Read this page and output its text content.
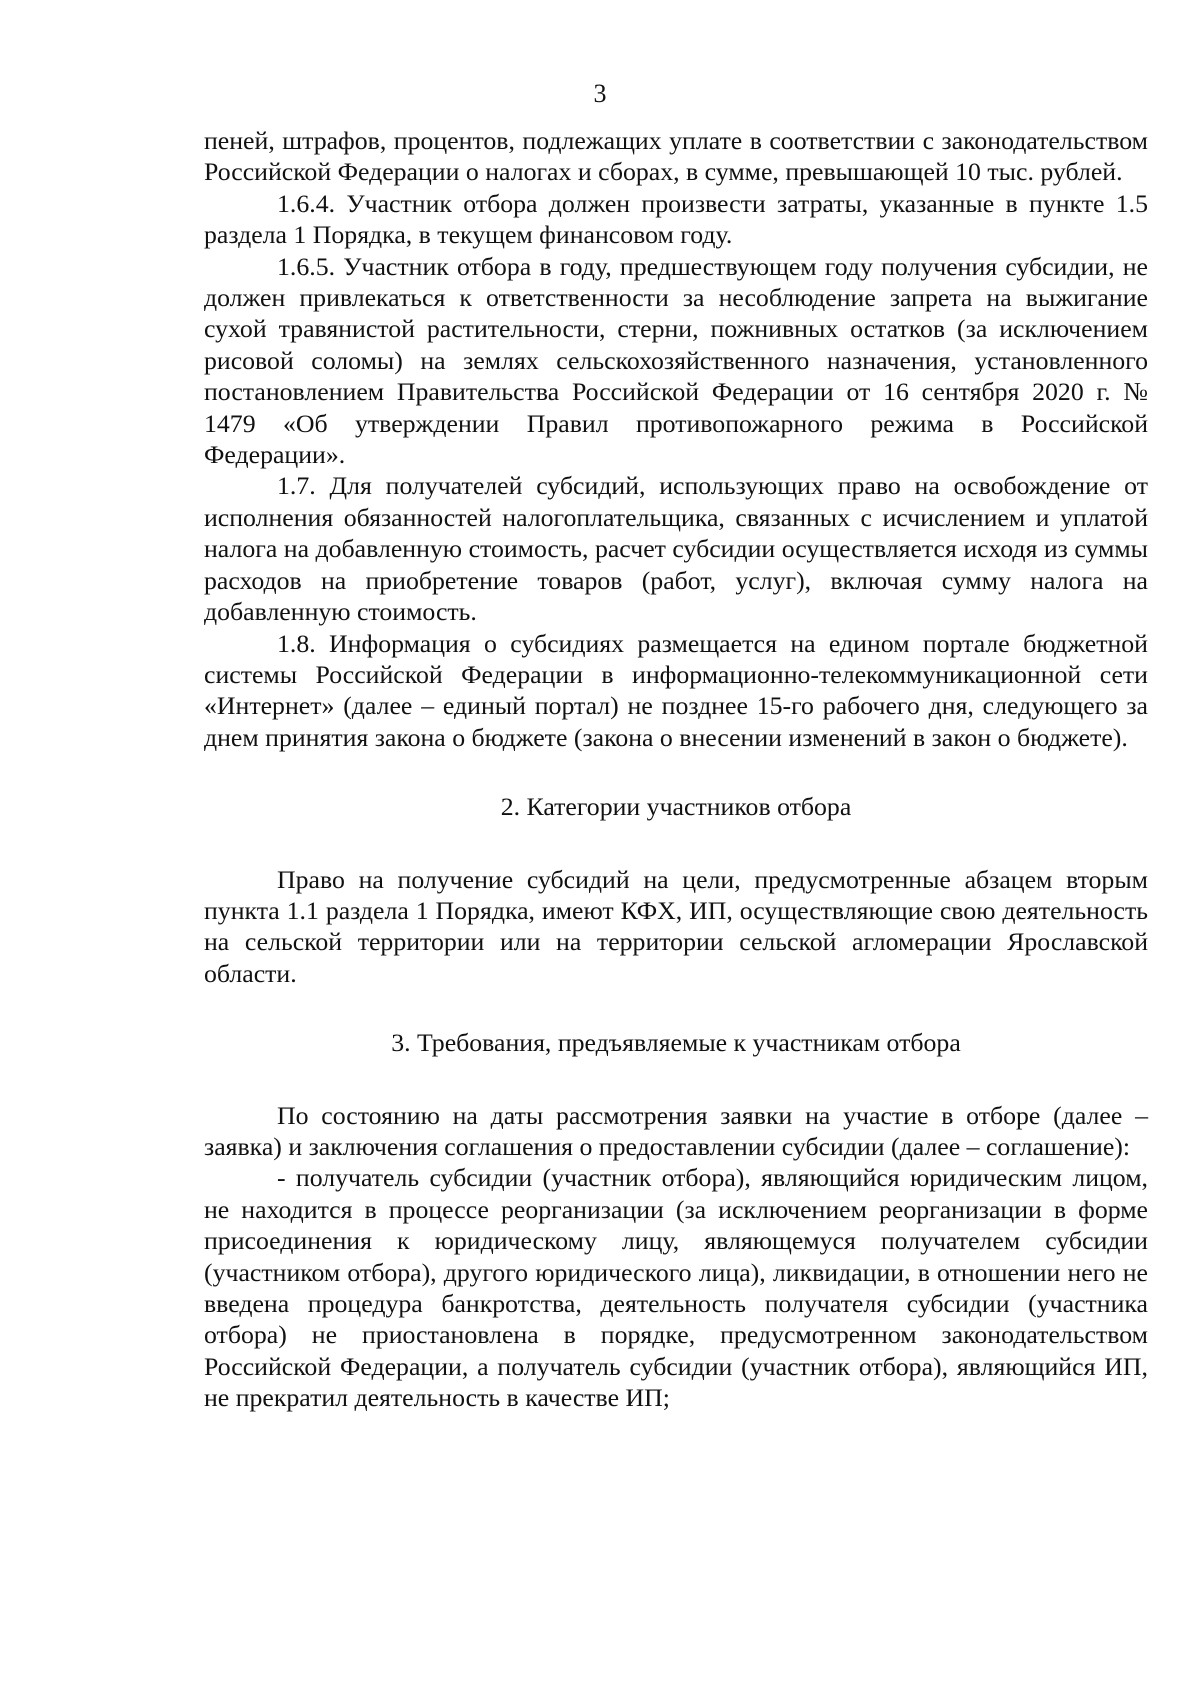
3

пеней, штрафов, процентов, подлежащих уплате в соответствии с законодательством Российской Федерации о налогах и сборах, в сумме, превышающей 10 тыс. рублей.

1.6.4. Участник отбора должен произвести затраты, указанные в пункте 1.5 раздела 1 Порядка, в текущем финансовом году.

1.6.5. Участник отбора в году, предшествующем году получения субсидии, не должен привлекаться к ответственности за несоблюдение запрета на выжигание сухой травянистой растительности, стерни, пожнивных остатков (за исключением рисовой соломы) на землях сельскохозяйственного назначения, установленного постановлением Правительства Российской Федерации от 16 сентября 2020 г. № 1479 «Об утверждении Правил противопожарного режима в Российской Федерации».

1.7. Для получателей субсидий, использующих право на освобождение от исполнения обязанностей налогоплательщика, связанных с исчислением и уплатой налога на добавленную стоимость, расчет субсидии осуществляется исходя из суммы расходов на приобретение товаров (работ, услуг), включая сумму налога на добавленную стоимость.

1.8. Информация о субсидиях размещается на едином портале бюджетной системы Российской Федерации в информационно-телекоммуникационной сети «Интернет» (далее – единый портал) не позднее 15-го рабочего дня, следующего за днем принятия закона о бюджете (закона о внесении изменений в закон о бюджете).

2. Категории участников отбора

Право на получение субсидий на цели, предусмотренные абзацем вторым пункта 1.1 раздела 1 Порядка, имеют КФХ, ИП, осуществляющие свою деятельность на сельской территории или на территории сельской агломерации Ярославской области.

3. Требования, предъявляемые к участникам отбора

По состоянию на даты рассмотрения заявки на участие в отборе (далее – заявка) и заключения соглашения о предоставлении субсидии (далее – соглашение):

- получатель субсидии (участник отбора), являющийся юридическим лицом, не находится в процессе реорганизации (за исключением реорганизации в форме присоединения к юридическому лицу, являющемуся получателем субсидии (участником отбора), другого юридического лица), ликвидации, в отношении него не введена процедура банкротства, деятельность получателя субсидии (участника отбора) не приостановлена в порядке, предусмотренном законодательством Российской Федерации, а получатель субсидии (участник отбора), являющийся ИП, не прекратил деятельность в качестве ИП;
